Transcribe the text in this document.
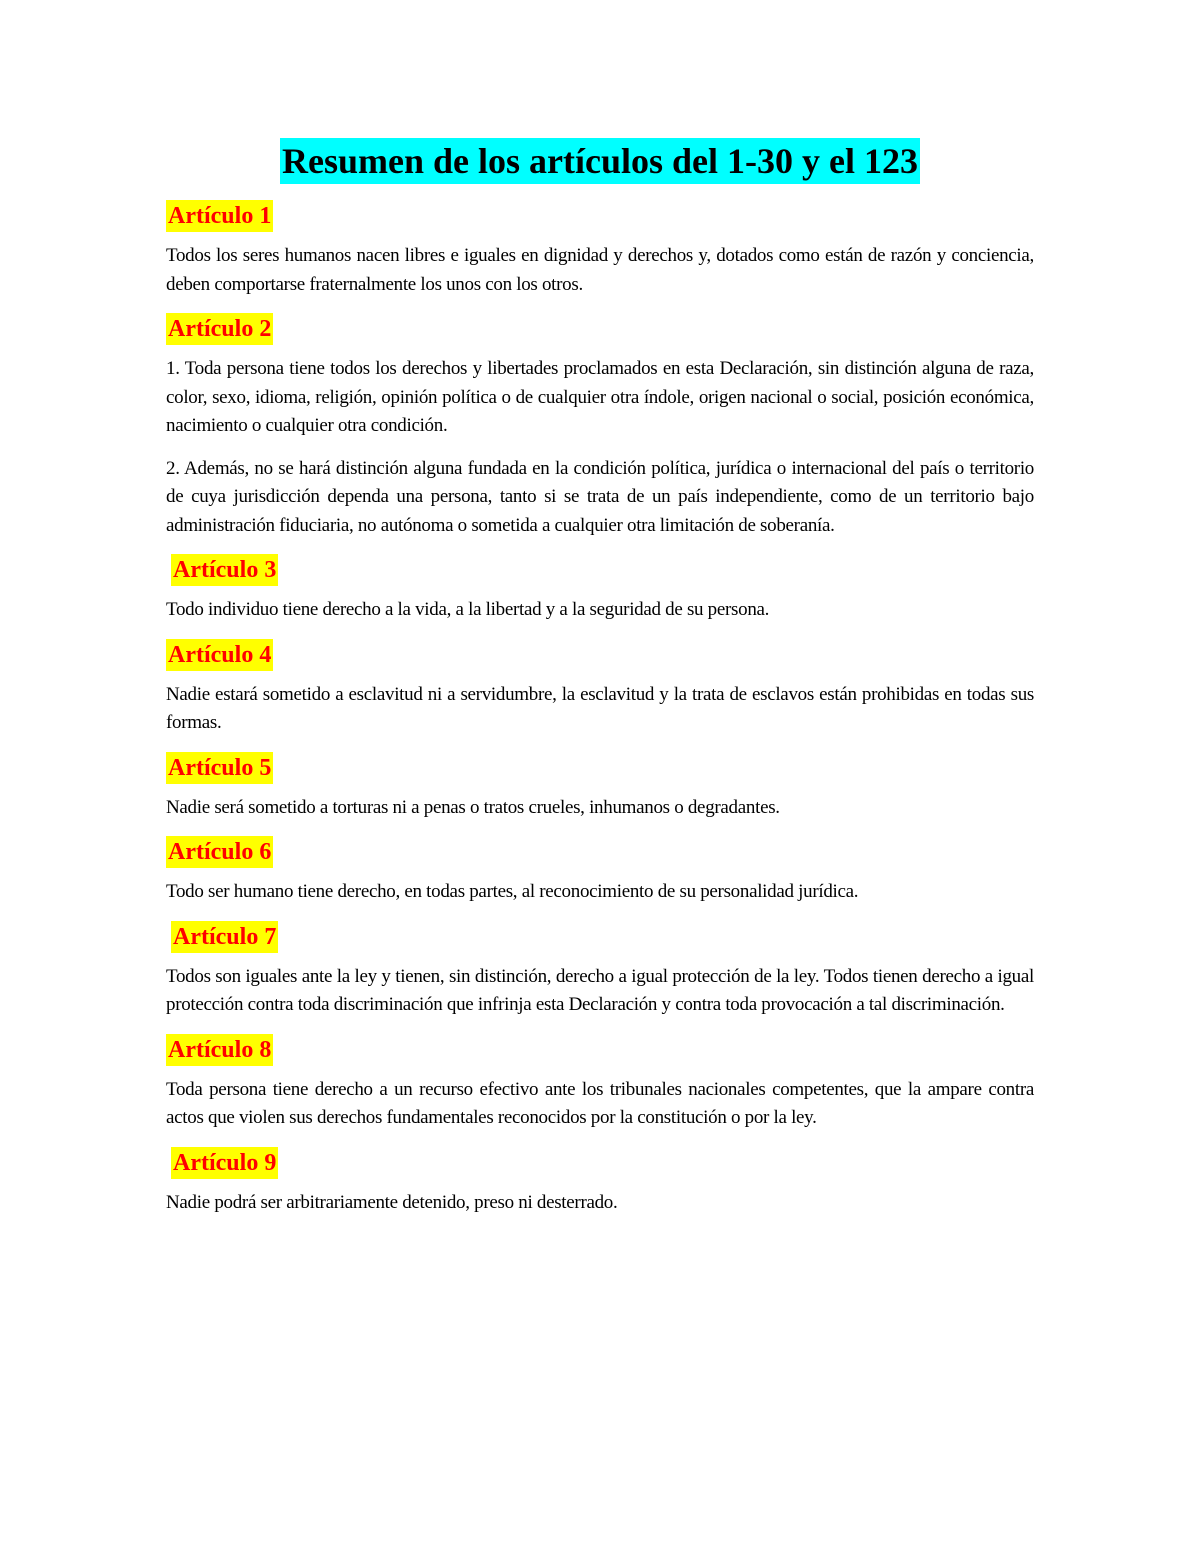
Resumen de los artículos del 1-30 y el 123
Artículo 1

Todos los seres humanos nacen libres e iguales en dignidad y derechos y, dotados como están de razón y conciencia, deben comportarse fraternalmente los unos con los otros.

Artículo 2

1. Toda persona tiene todos los derechos y libertades proclamados en esta Declaración, sin distinción alguna de raza, color, sexo, idioma, religión, opinión política o de cualquier otra índole, origen nacional o social, posición económica, nacimiento o cualquier otra condición.

2. Además, no se hará distinción alguna fundada en la condición política, jurídica o internacional del país o territorio de cuya jurisdicción dependa una persona, tanto si se trata de un país independiente, como de un territorio bajo administración fiduciaria, no autónoma o sometida a cualquier otra limitación de soberanía.

Artículo 3

Todo individuo tiene derecho a la vida, a la libertad y a la seguridad de su persona.

Artículo 4

Nadie estará sometido a esclavitud ni a servidumbre, la esclavitud y la trata de esclavos están prohibidas en todas sus formas.

Artículo 5

Nadie será sometido a torturas ni a penas o tratos crueles, inhumanos o degradantes.

Artículo 6

Todo ser humano tiene derecho, en todas partes, al reconocimiento de su personalidad jurídica.

Artículo 7

Todos son iguales ante la ley y tienen, sin distinción, derecho a igual protección de la ley. Todos tienen derecho a igual protección contra toda discriminación que infrinja esta Declaración y contra toda provocación a tal discriminación.

Artículo 8

Toda persona tiene derecho a un recurso efectivo ante los tribunales nacionales competentes, que la ampare contra actos que violen sus derechos fundamentales reconocidos por la constitución o por la ley.

Artículo 9

Nadie podrá ser arbitrariamente detenido, preso ni desterrado.
